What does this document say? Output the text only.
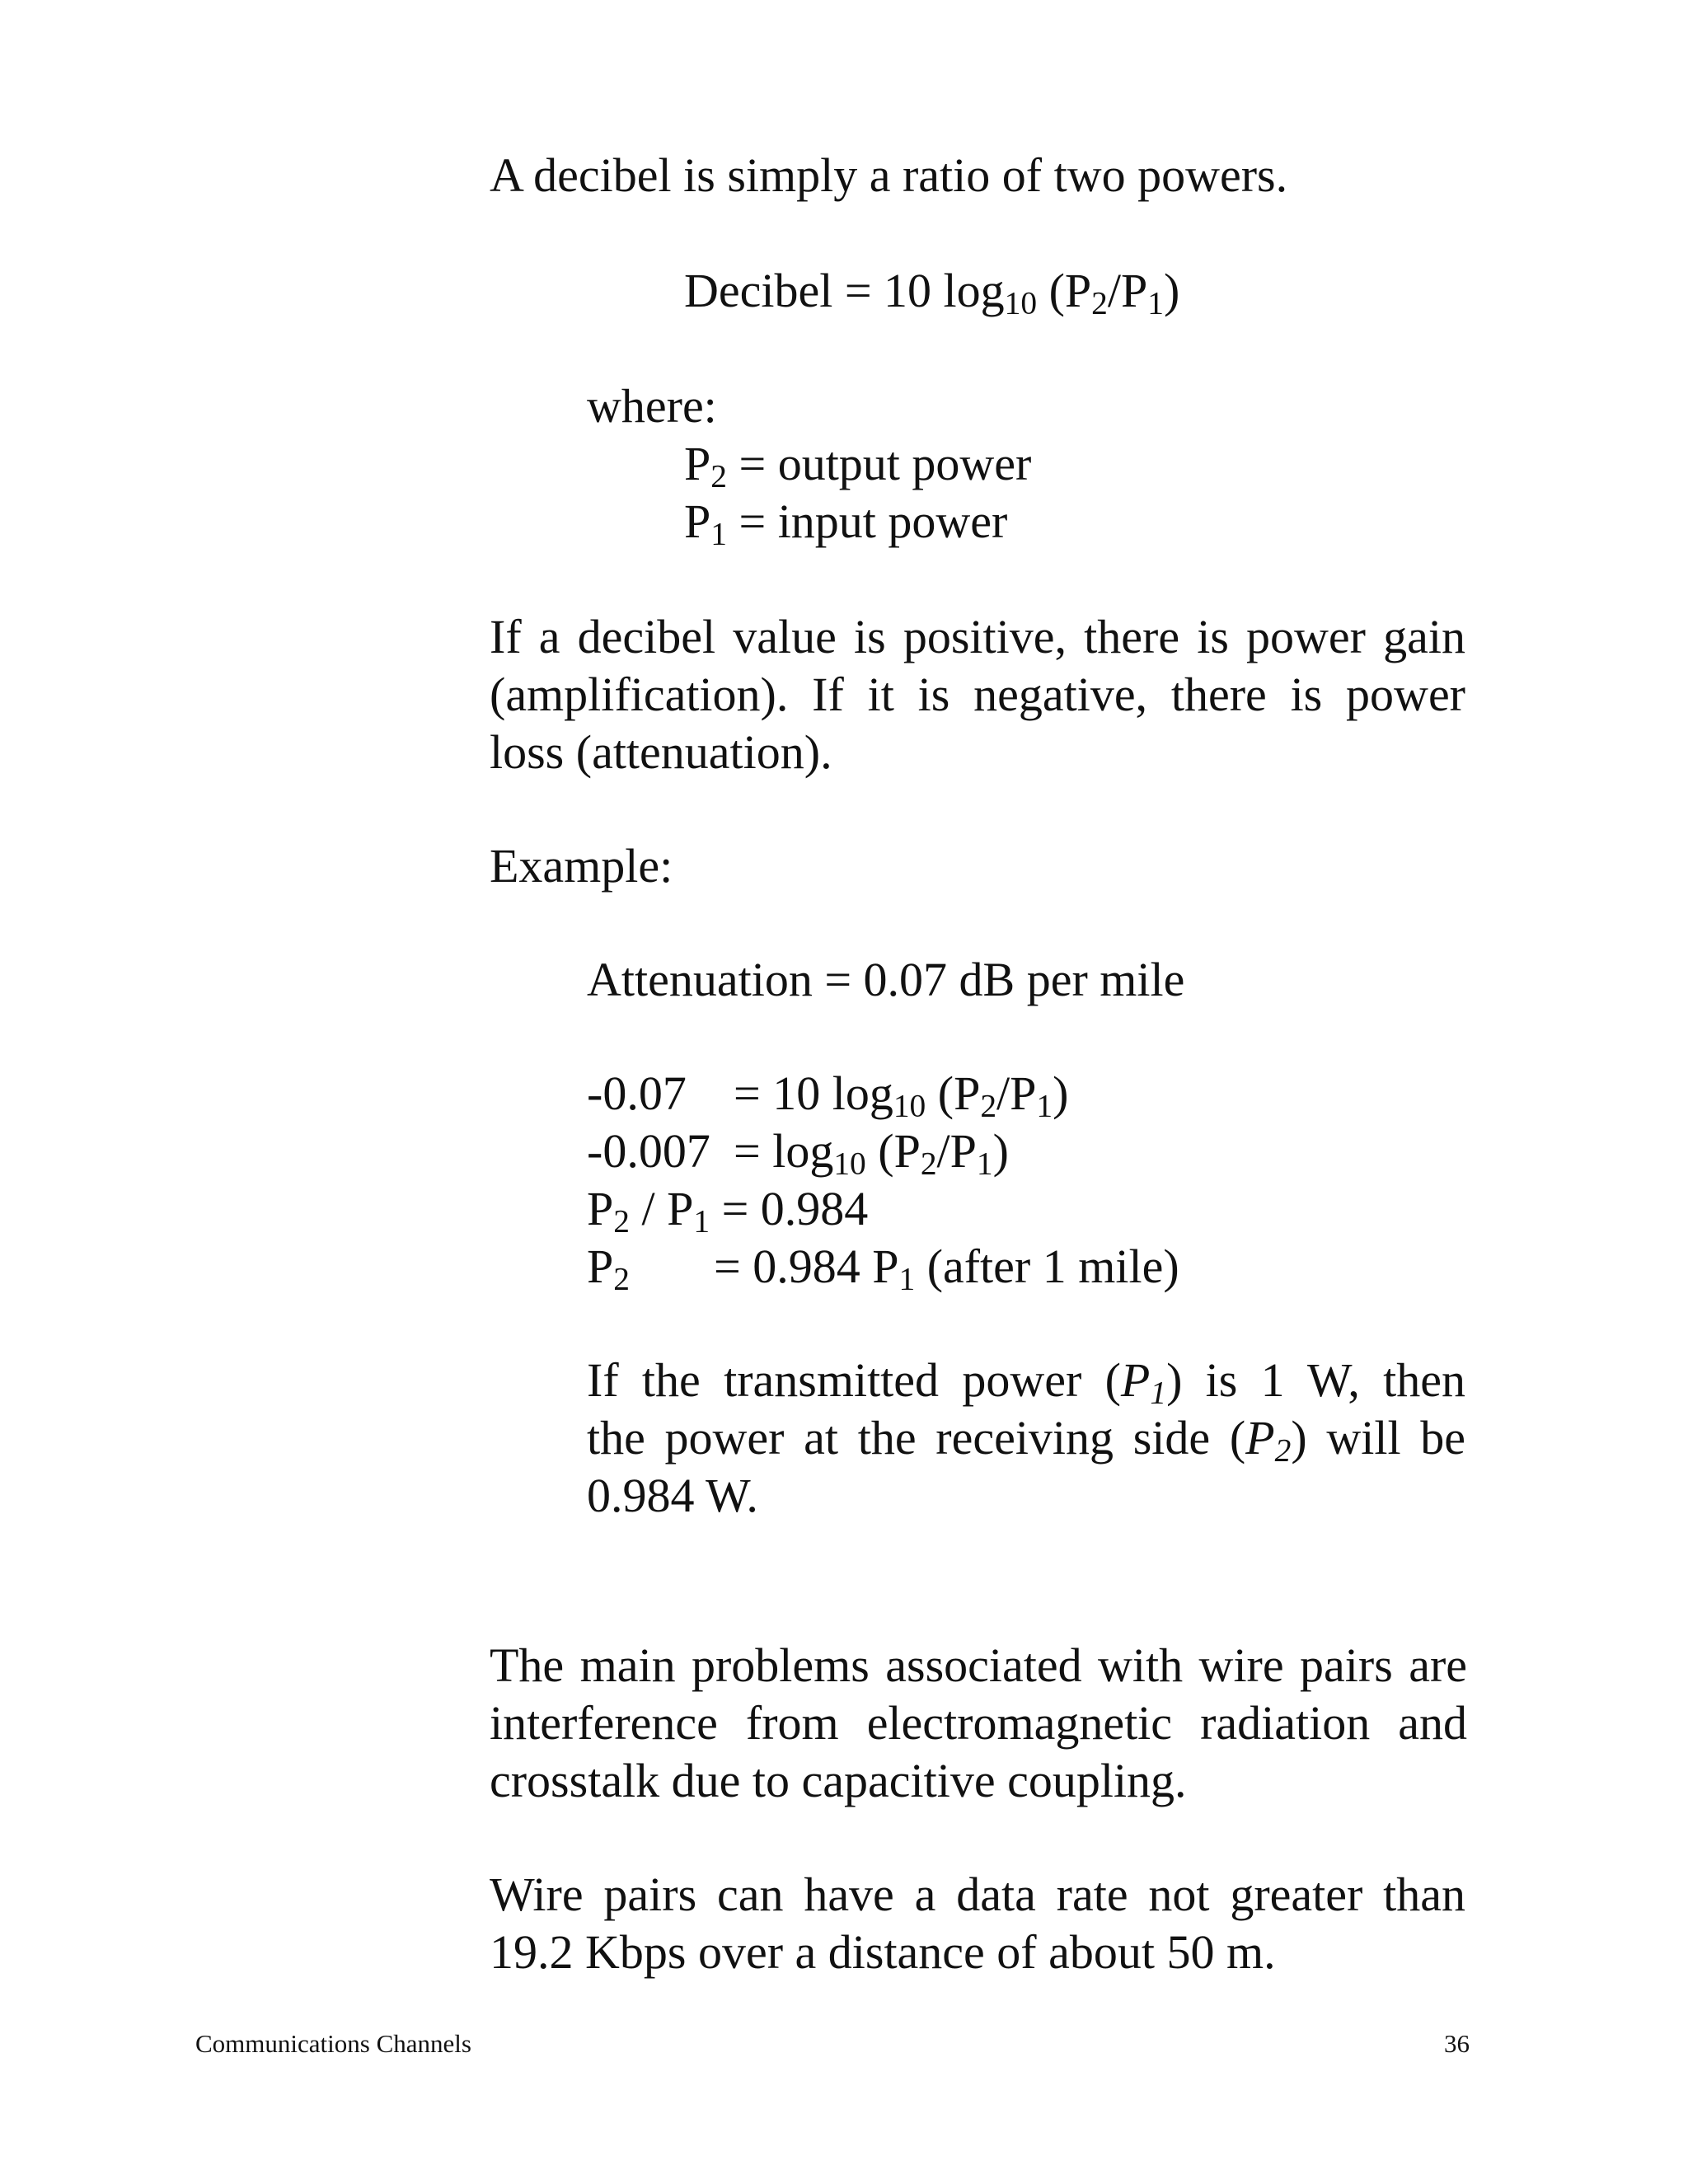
A decibel is simply a ratio of two powers.
Decibel = 10 $\log_{10} (P_2/P_1)$
where:
$P_2$ = output power
$P_1$ = input power
If a decibel value is positive, there is power gain
(amplification). If it is negative, there is power
loss (attenuation).
Example:
Attenuation = 0.07 dB per mile
-0.07 = 10 $\log_{10} (P_2/P_1)$
$-0.007 = \log_{10} (P_2/P_1)$
$P_2 / P_1 = 0.984$
$P_2 = 0.984$ $P_1$ (after 1 mile)
If the transmitted power $(P_1)$ is 1 W, then
the power at the receiving side $(P_2)$ will be
0.984 W.
The main problems associated with wire pairs are
interference from electromagnetic radiation and
crosstalk due to capacitive coupling.
Wire pairs can have a data rate not greater than
19.2 Kbps over a distance of about 50 m.
Communications Channels	36
